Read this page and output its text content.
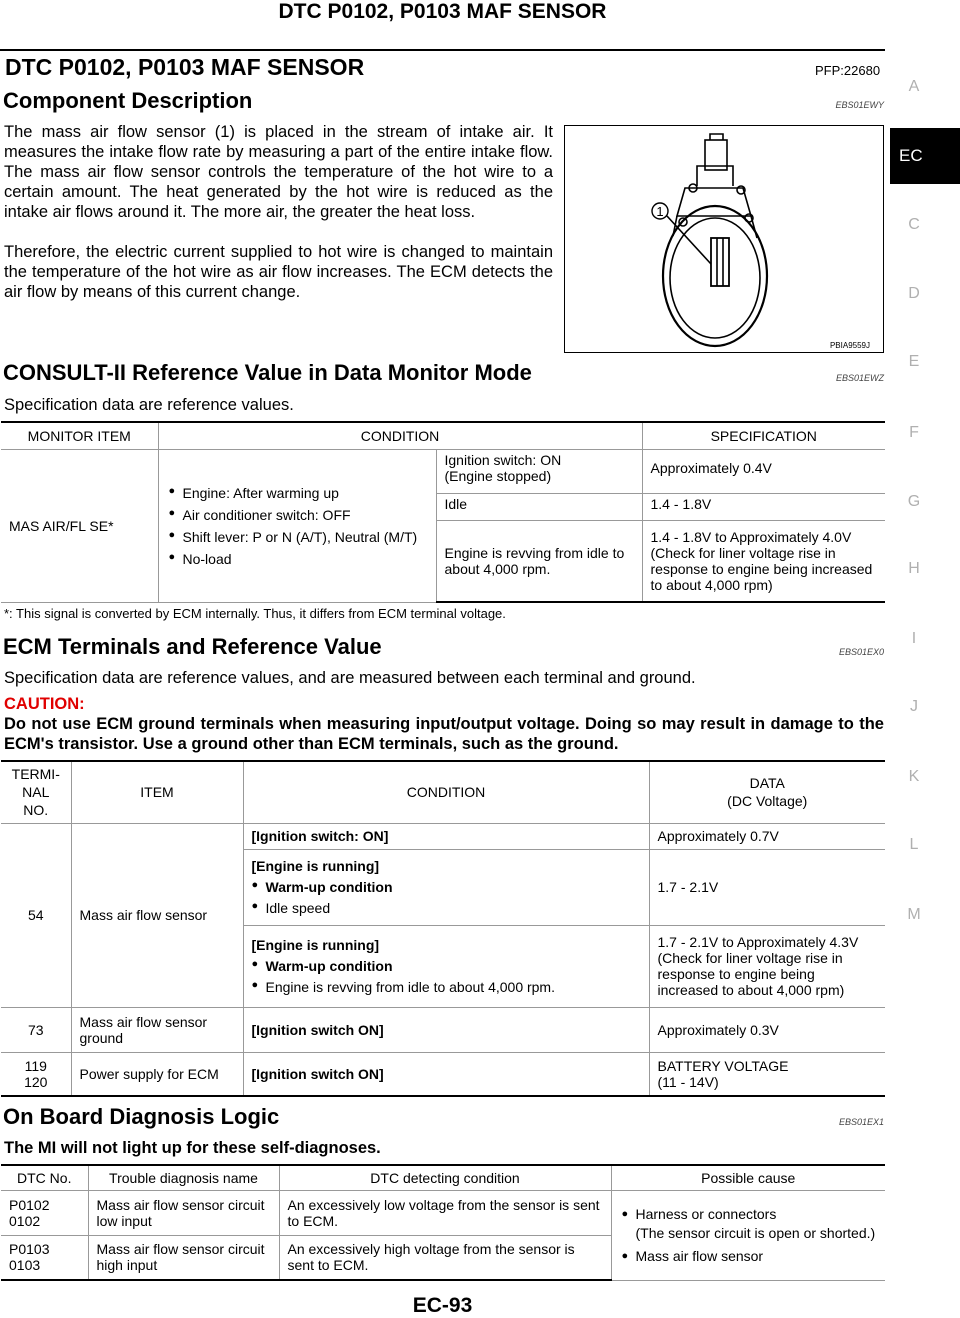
DTC P0102, P0103 MAF SENSOR
A
EC
C
D
E
F
G
H
I
J
K
L
M
DTC P0102, P0103 MAF SENSOR	PFP:22680
Component Description	EBS01EWY
The mass air flow sensor (1) is placed in the stream of intake air. It measures the intake flow rate by measuring a part of the entire intake flow. The mass air flow sensor controls the temperature of the hot wire to a certain amount. The heat generated by the hot wire is reduced as the intake air flows around it. The more air, the greater the heat loss.
Therefore, the electric current supplied to hot wire is changed to maintain the temperature of the hot wire as air flow increases. The ECM detects the air flow by means of this current change.
1
PBIA9559J
CONSULT-II Reference Value in Data Monitor Mode	EBS01EWZ
Specification data are reference values.
MONITOR ITEM	CONDITION		SPECIFICATION
MAS AIR/FL SE*	● Engine: After warming up
● Air conditioner switch: OFF
● Shift lever: P or N (A/T), Neutral (M/T)
● No-load	Ignition switch: ON
(Engine stopped)	Approximately 0.4V
		Idle	1.4 - 1.8V
		Engine is revving from idle to about 4,000 rpm.	1.4 - 1.8V to Approximately 4.0V
(Check for liner voltage rise in response to engine being increased to about 4,000 rpm)
*: This signal is converted by ECM internally. Thus, it differs from ECM terminal voltage.
ECM Terminals and Reference Value	EBS01EX0
Specification data are reference values, and are measured between each terminal and ground.
CAUTION:
Do not use ECM ground terminals when measuring input/output voltage. Doing so may result in damage to the ECM's transistor. Use a ground other than ECM terminals, such as the ground.
TERMI-
NAL
NO.	ITEM	CONDITION	DATA
(DC Voltage)
54	Mass air flow sensor	[Ignition switch: ON]	Approximately 0.7V

		[Engine is running]
● Warm-up condition
● Idle speed	1.7 - 2.1V

		[Engine is running]
● Warm-up condition
● Engine is revving from idle to about 4,000 rpm.	1.7 - 2.1V to Approximately 4.3V
(Check for liner voltage rise in response to engine being increased to about 4,000 rpm)
73	Mass air flow sensor ground	[Ignition switch ON]	Approximately 0.3V
119
120	Power supply for ECM	[Ignition switch ON]	BATTERY VOLTAGE
(11 - 14V)
On Board Diagnosis Logic	EBS01EX1
The MI will not light up for these self-diagnoses.
DTC No.	Trouble diagnosis name	DTC detecting condition	Possible cause
P0102
0102	Mass air flow sensor circuit low input	An excessively low voltage from the sensor is sent to ECM.	● Harness or connectors
(The sensor circuit is open or shorted.)
● Mass air flow sensor

P0103
0103	Mass air flow sensor circuit high input	An excessively high voltage from the sensor is sent to ECM.	
EC-93
